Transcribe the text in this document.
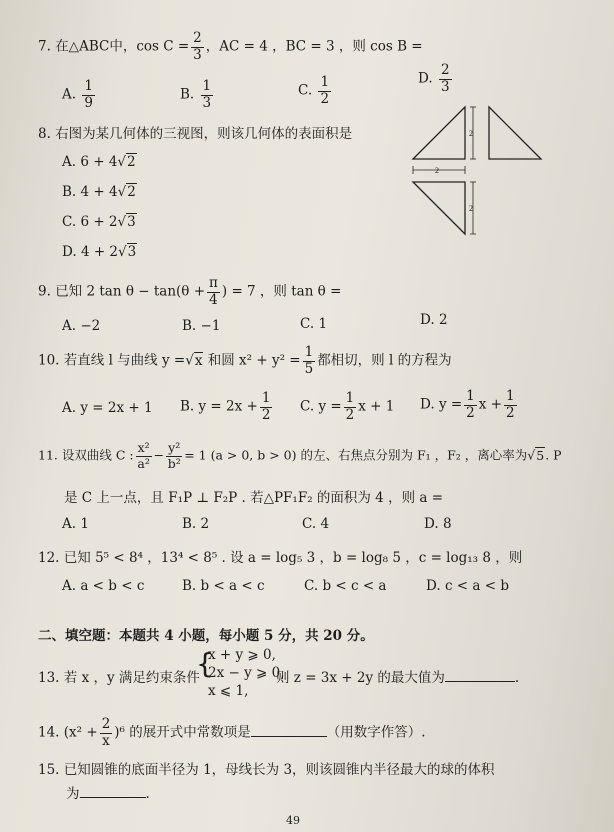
7. 在△ABC中，$\cos C = \frac{2}{3}$ ，AC = 4 ，BC = 3 ，则 cos B =
A. $\frac{1}{9}$	B. $\frac{1}{3}$	C. $\frac{1}{2}$	D. $\frac{2}{3}$
8. 右图为某几何体的三视图，则该几何体的表面积是
A. 6 + 4√2
B. 4 + 4√2
C. 6 + 2√3
D. 4 + 2√3
2
2
2
9. 已知 2 $\tan \theta - \tan(\theta + \frac{\pi}{4}$ ) = 7 ，则 tan θ =
A. −2	B. −1	C. 1	D. 2
10. 若直线 l 与曲线 y =√x 和圆 $x^2 + y^2 = \frac{1}{5}$ 都相切，则 l 的方程为
A. y = 2x + 1 B. $y = 2x + \frac{1}{2} C$. $y = \frac{1}{2}$ x + 1 D. $y = \frac{1}{2}$ $x + \frac{1}{2}$
11. 设双曲线 C : $\frac{\text{x²}}{\text{a²}} - \frac{\text{y²}}{\text{b²}} = 1$ (a > 0, b > 0) 的左、右焦点分别为 F₁ ，F₂ ，离心率为√5. P
是 C 上一点，且 F₁P ⊥ F₂P . 若△PF₁F₂ 的面积为 4 ，则 a =
A. 1	B. 2	C. 4	D. 8
12. 已知 5⁵ < 8⁴ ，13⁴ < 8⁵ . 设 a = log₅ 3 ，b = log₈ 5 ，c = log₁₃ 8 ，则
A. a < b < c	B. b < a < c	C. b < c < a	D. c < a < b
二、填空题：本题共 4 小题，每小题 5 分，共 20 分。
13. 若 x ，y 满足约束条件
{
x + y ⩾ 0,
2x − y ⩾ 0,
x ⩽ 1,
则 z = 3x + 2y 的最大值为	.
14. $(x^2 + \frac{2}{x} )^6$ 的展开式中常数项是	（用数字作答）.
15. 已知圆锥的底面半径为 1，母线长为 3，则该圆锥内半径最大的球的体积
为	.
49
